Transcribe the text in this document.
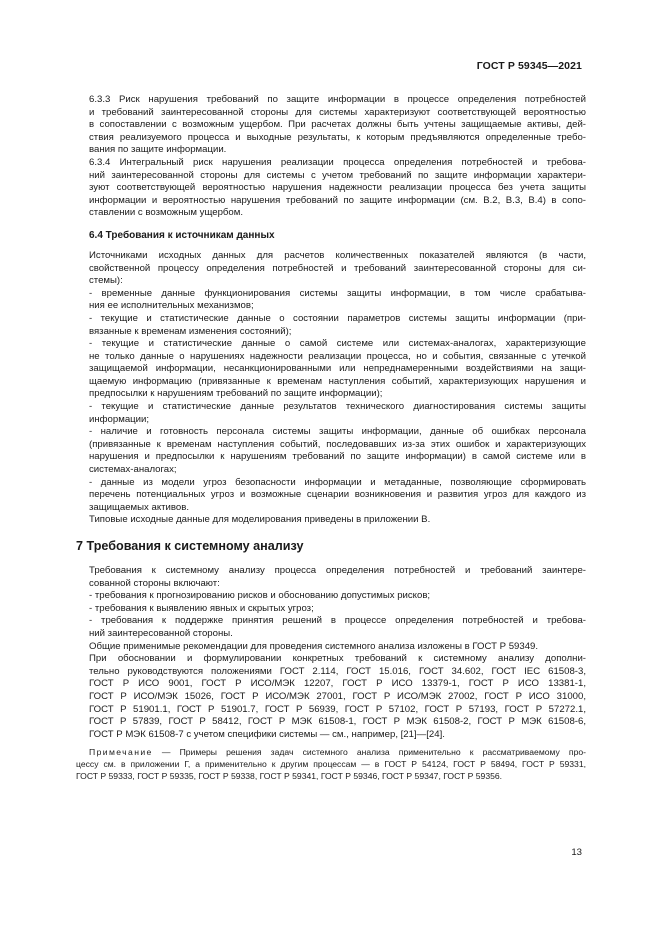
ГОСТ Р 59345—2021

6.3.3 Риск нарушения требований по защите информации в процессе определения потребностей
и требований заинтересованной стороны для системы характеризуют соответствующей вероятностью
в сопоставлении с возможным ущербом. При расчетах должны быть учтены защищаемые активы, дей-
ствия реализуемого процесса и выходные результаты, к которым предъявляются определенные требо-
вания по защите информации.

6.3.4 Интегральный риск нарушения реализации процесса определения потребностей и требова-
ний заинтересованной стороны для системы с учетом требований по защите информации характери-
зуют соответствующей вероятностью нарушения надежности реализации процесса без учета защиты
информации и вероятностью нарушения требований по защите информации (см. В.2, В.3, В.4) в сопо-
ставлении с возможным ущербом.

6.4 Требования к источникам данных

Источниками исходных данных для расчетов количественных показателей являются (в части,
свойственной процессу определения потребностей и требований заинтересованной стороны для си-
стемы):

- временные данные функционирования системы защиты информации, в том числе срабатыва-
ния ее исполнительных механизмов;

- текущие и статистические данные о состоянии параметров системы защиты информации (при-
вязанные к временам изменения состояний);

- текущие и статистические данные о самой системе или системах-аналогах, характеризующие
не только данные о нарушениях надежности реализации процесса, но и события, связанные с утечкой
защищаемой информации, несанкционированными или непреднамеренными воздействиями на защи-
щаемую информацию (привязанные к временам наступления событий, характеризующих нарушения и
предпосылки к нарушениям требований по защите информации);

- текущие и статистические данные результатов технического диагностирования системы защиты
информации;

- наличие и готовность персонала системы защиты информации, данные об ошибках персонала
(привязанные к временам наступления событий, последовавших из-за этих ошибок и характеризующих
нарушения и предпосылки к нарушениям требований по защите информации) в самой системе или в
системах-аналогах;

- данные из модели угроз безопасности информации и метаданные, позволяющие сформировать
перечень потенциальных угроз и возможные сценарии возникновения и развития угроз для каждого из
защищаемых активов.

Типовые исходные данные для моделирования приведены в приложении В.

7 Требования к системному анализу

Требования к системному анализу процесса определения потребностей и требований заинтере-
сованной стороны включают:

- требования к прогнозированию рисков и обоснованию допустимых рисков;

- требования к выявлению явных и скрытых угроз;

- требования к поддержке принятия решений в процессе определения потребностей и требова-
ний заинтересованной стороны.

Общие применимые рекомендации для проведения системного анализа изложены в ГОСТ Р 59349.

При обосновании и формулировании конкретных требований к системному анализу дополни-
тельно руководствуются положениями ГОСТ 2.114, ГОСТ 15.016, ГОСТ 34.602, ГОСТ IEC 61508-3,
ГОСТ Р ИСО 9001, ГОСТ Р ИСО/МЭК 12207, ГОСТ Р ИСО 13379-1, ГОСТ Р ИСО 13381-1,
ГОСТ Р ИСО/МЭК 15026, ГОСТ Р ИСО/МЭК 27001, ГОСТ Р ИСО/МЭК 27002, ГОСТ Р ИСО 31000,
ГОСТ Р 51901.1, ГОСТ Р 51901.7, ГОСТ Р 56939, ГОСТ Р 57102, ГОСТ Р 57193, ГОСТ Р 57272.1,
ГОСТ Р 57839, ГОСТ Р 58412, ГОСТ Р МЭК 61508-1, ГОСТ Р МЭК 61508-2, ГОСТ Р МЭК 61508-6,
ГОСТ Р МЭК 61508-7 с учетом специфики системы — см., например, [21]—[24].

Примечание — Примеры решения задач системного анализа применительно к рассматриваемому про-
цессу см. в приложении Г, а применительно к другим процессам — в ГОСТ Р 54124, ГОСТ Р 58494, ГОСТ Р 59331,
ГОСТ Р 59333, ГОСТ Р 59335, ГОСТ Р 59338, ГОСТ Р 59341, ГОСТ Р 59346, ГОСТ Р 59347, ГОСТ Р 59356.
13
